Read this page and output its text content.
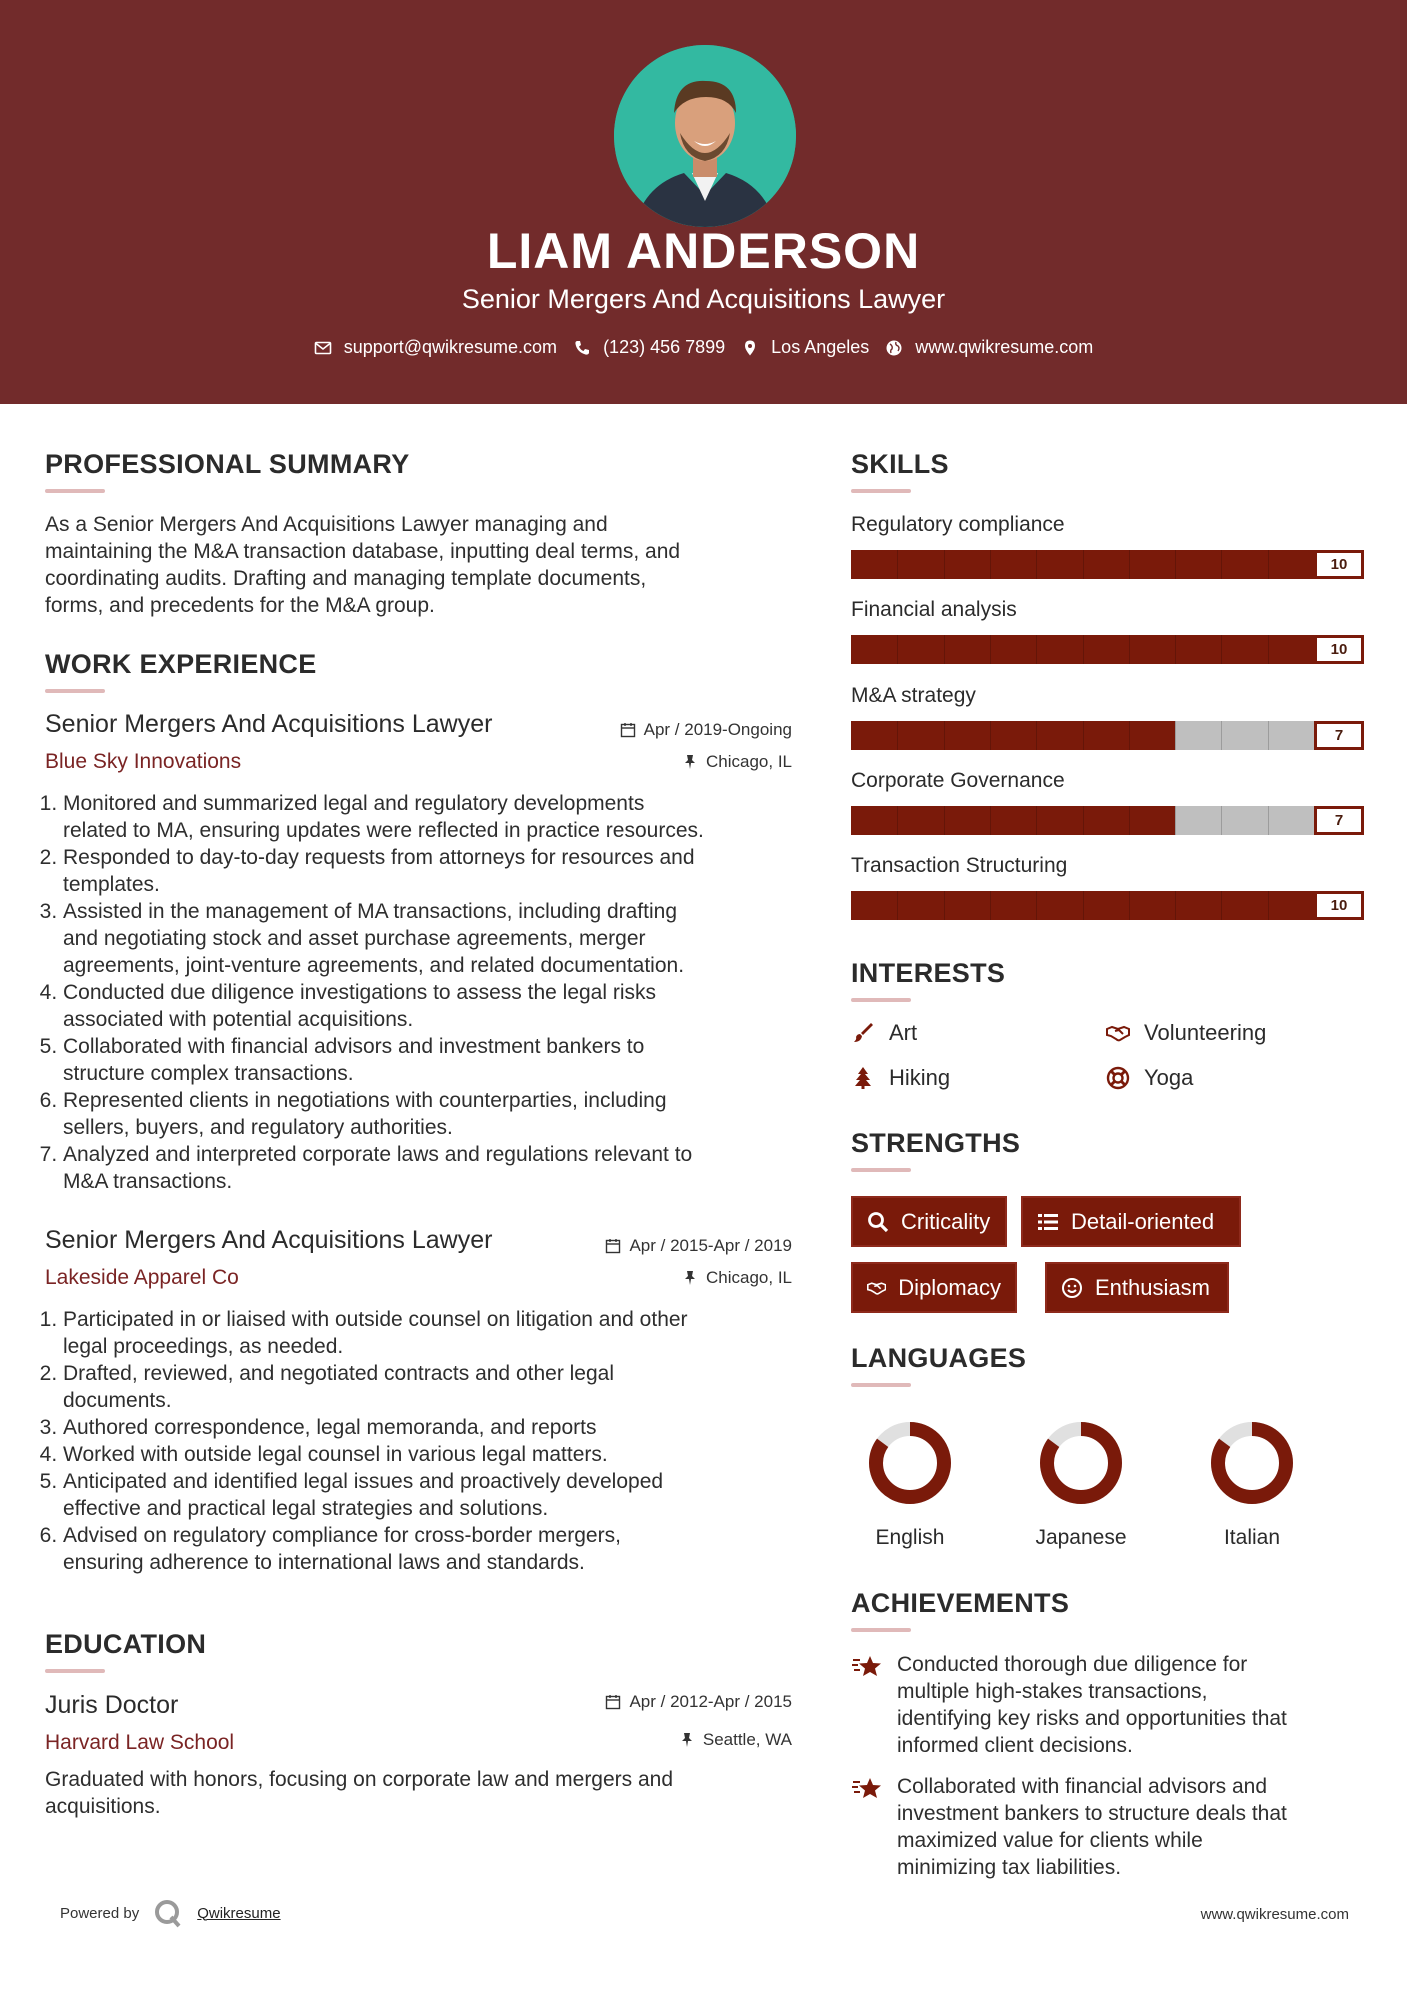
LIAM ANDERSON
Senior Mergers And Acquisitions Lawyer
support@qwikresume.com	(123) 456 7899	Los Angeles	www.qwikresume.com
PROFESSIONAL SUMMARY
As a Senior Mergers And Acquisitions Lawyer managing and
maintaining the M&A transaction database, inputting deal terms, and
coordinating audits. Drafting and managing template documents,
forms, and precedents for the M&A group.
WORK EXPERIENCE
Senior Mergers And Acquisitions Lawyer	Apr / 2019-Ongoing
Blue Sky Innovations	Chicago, IL
1. Monitored and summarized legal and regulatory developments
related to MA, ensuring updates were reflected in practice resources.
2. Responded to day-to-day requests from attorneys for resources and
templates.
3. Assisted in the management of MA transactions, including drafting
and negotiating stock and asset purchase agreements, merger
agreements, joint-venture agreements, and related documentation.
4. Conducted due diligence investigations to assess the legal risks
associated with potential acquisitions.
5. Collaborated with financial advisors and investment bankers to
structure complex transactions.
6. Represented clients in negotiations with counterparties, including
sellers, buyers, and regulatory authorities.
7. Analyzed and interpreted corporate laws and regulations relevant to
M&A transactions.
Senior Mergers And Acquisitions Lawyer	Apr / 2015-Apr / 2019
Lakeside Apparel Co	Chicago, IL
1. Participated in or liaised with outside counsel on litigation and other
legal proceedings, as needed.
2. Drafted, reviewed, and negotiated contracts and other legal
documents.
3. Authored correspondence, legal memoranda, and reports
4. Worked with outside legal counsel in various legal matters.
5. Anticipated and identified legal issues and proactively developed
effective and practical legal strategies and solutions.
6. Advised on regulatory compliance for cross-border mergers,
ensuring adherence to international laws and standards.
EDUCATION
Juris Doctor	Apr / 2012-Apr / 2015
Harvard Law School	Seattle, WA
Graduated with honors, focusing on corporate law and mergers and
acquisitions.
SKILLS
Regulatory compliance
10
Financial analysis
10
M&A strategy
7
Corporate Governance
7
Transaction Structuring
10
INTERESTS
Art	Volunteering
Hiking	Yoga
STRENGTHS
Criticality	Detail-oriented
Diplomacy	Enthusiasm
LANGUAGES
English	Japanese	Italian
ACHIEVEMENTS
Conducted thorough due diligence for
multiple high-stakes transactions,
identifying key risks and opportunities that
informed client decisions.
Collaborated with financial advisors and
investment bankers to structure deals that
maximized value for clients while
minimizing tax liabilities.
Powered by	Qwikresume	www.qwikresume.com
